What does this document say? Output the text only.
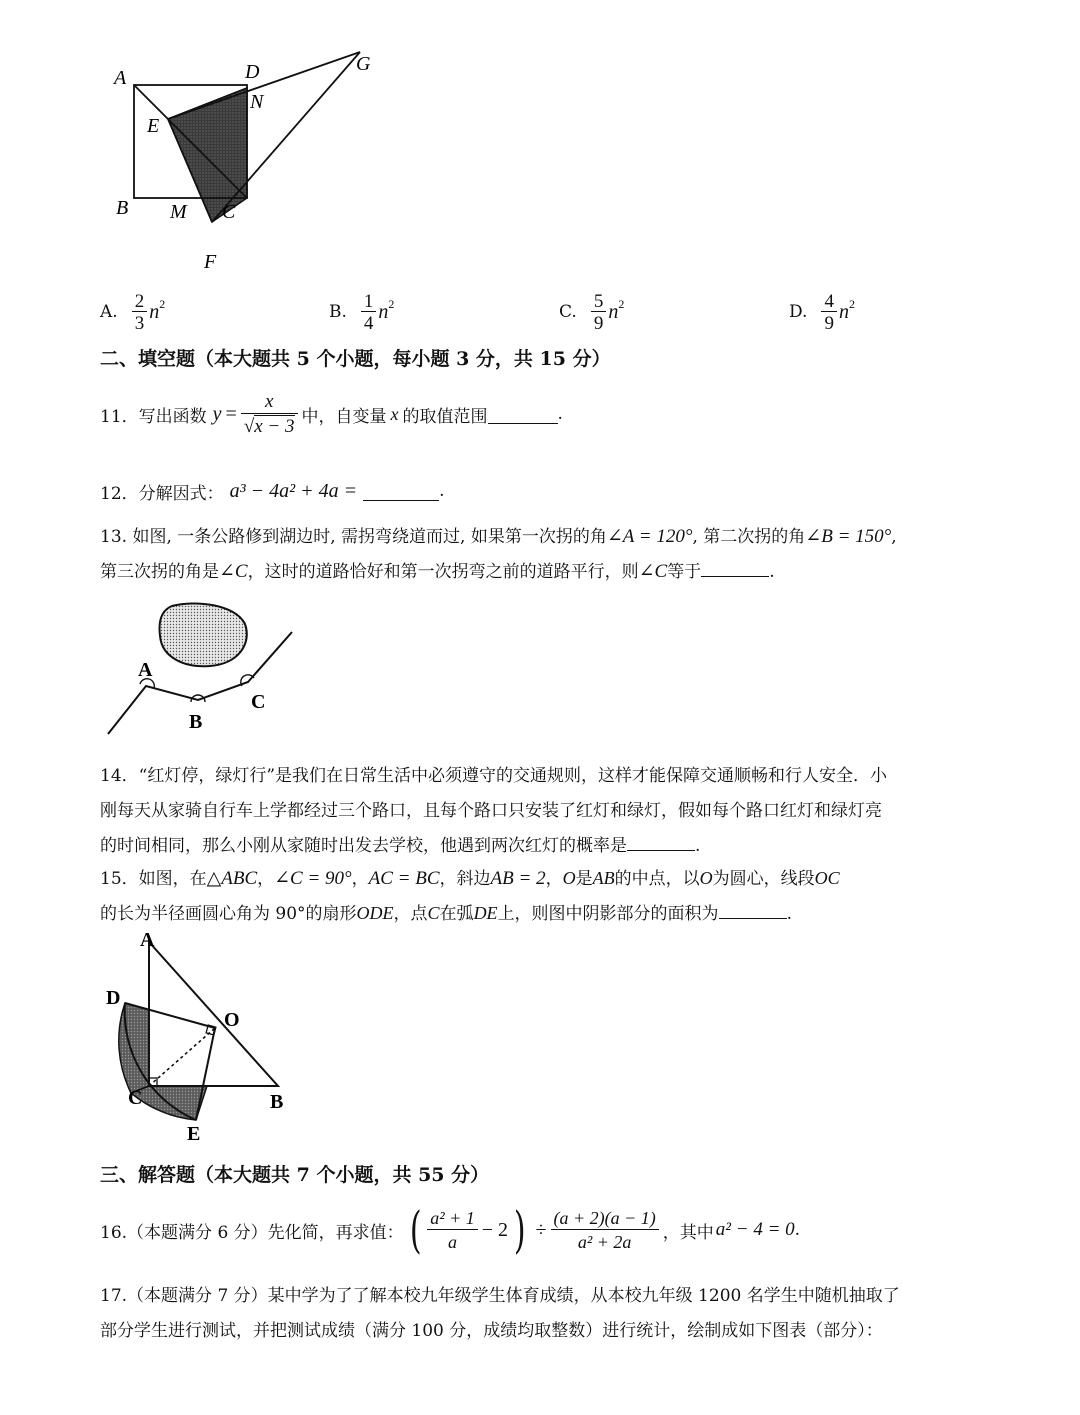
A	D	G
N
E
B M C
F
A. $\frac{2}{3} n^2$	B. $\frac{1}{4} n^2$	C. $\frac{5}{9} n^2$	D. $\frac{4}{9} n^2$
二、填空题（本大题共 5 个小题，每小题 3 分，共 15 分）
11．写出函数 $y = \frac{x}{√x - 3}$ 中，自变量 x 的取值范围	.
12．分解因式： a³ − 4a² + 4a =	.
13. 如图, 一条公路修到湖边时, 需拐弯绕道而过, 如果第一次拐的角∠A = 120°, 第二次拐的角∠B = 150°,
第三次拐的角是∠C，这时的道路恰好和第一次拐弯之前的道路平行，则∠C等于	.
A
B
C
14．“红灯停，绿灯行”是我们在日常生活中必须遵守的交通规则，这样才能保障交通顺畅和行人安全．小
刚每天从家骑自行车上学都经过三个路口，且每个路口只安装了红灯和绿灯，假如每个路口红灯和绿灯亮
的时间相同，那么小刚从家随时出发去学校，他遇到两次红灯的概率是	.
15．如图，在△ABC，∠C = 90°，AC = BC，斜边AB = 2，O是AB的中点，以O为圆心，线段OC
的长为半径画圆心角为 90°的扇形ODE，点C在弧DE上，则图中阴影部分的面积为	.
A
D
O
C	B
E
三、解答题（本大题共 7 个小题，共 55 分）
16.（本题满分 6 分）先化简，再求值： ( $\frac{\text{a² + 1}}{a} - 2$ ) ÷ $\frac{(a + 2)(a - 1)}{\text{a² + 2a}}$ ，其中 a² − 4 = 0 .
17.（本题满分 7 分）某中学为了了解本校九年级学生体育成绩，从本校九年级 1200 名学生中随机抽取了
部分学生进行测试，并把测试成绩（满分 100 分，成绩均取整数）进行统计，绘制成如下图表（部分）：
